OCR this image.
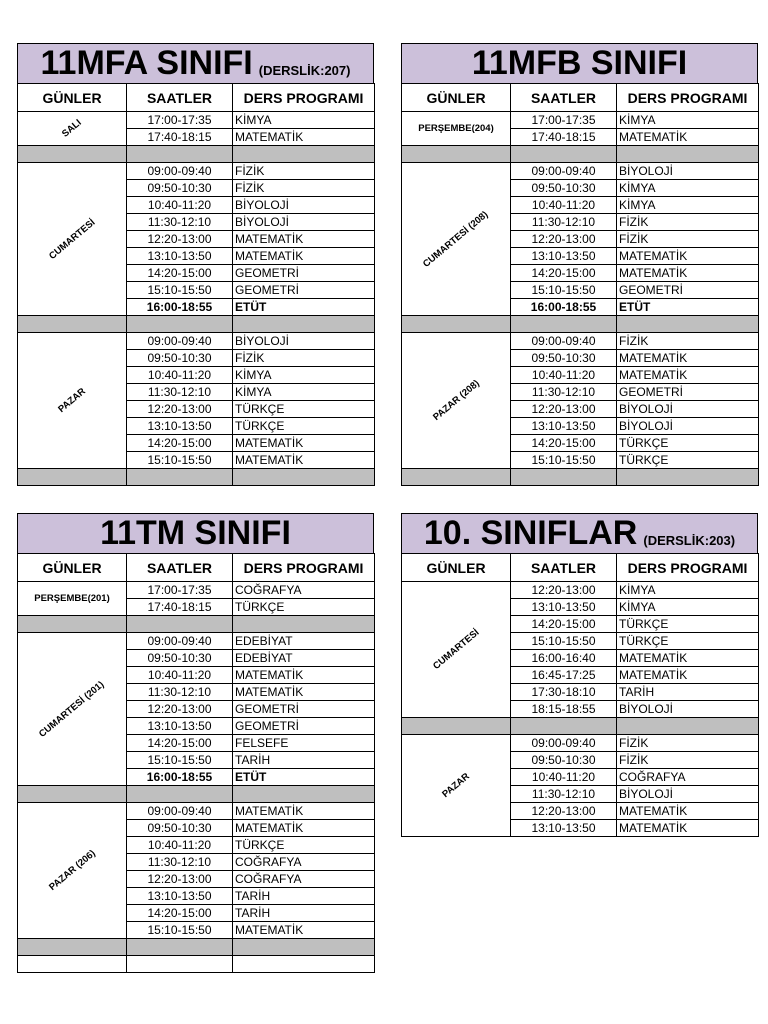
11MFA SINIFI (DERSLİK:207)
GÜNLER	SAATLER	DERS PROGRAMI
SALI	17:00-17:35	KİMYA
	17:40-18:15	MATEMATİK

CUMARTESİ	09:00-09:40	FİZİK
	09:50-10:30	FİZİK
	10:40-11:20	BİYOLOJİ
	11:30-12:10	BİYOLOJİ
	12:20-13:00	MATEMATİK
	13:10-13:50	MATEMATİK
	14:20-15:00	GEOMETRİ
	15:10-15:50	GEOMETRİ
	16:00-18:55	ETÜT

PAZAR	09:00-09:40	BİYOLOJİ
	09:50-10:30	FİZİK
	10:40-11:20	KİMYA
	11:30-12:10	KİMYA
	12:20-13:00	TÜRKÇE
	13:10-13:50	TÜRKÇE
	14:20-15:00	MATEMATİK
	15:10-15:50	MATEMATİK

11MFB SINIFI
GÜNLER	SAATLER	DERS PROGRAMI
PERŞEMBE(204)	17:00-17:35	KİMYA
	17:40-18:15	MATEMATİK

CUMARTESİ (208)	09:00-09:40	BİYOLOJİ
	09:50-10:30	KİMYA
	10:40-11:20	KİMYA
	11:30-12:10	FİZİK
	12:20-13:00	FİZİK
	13:10-13:50	MATEMATİK
	14:20-15:00	MATEMATİK
	15:10-15:50	GEOMETRİ
	16:00-18:55	ETÜT

PAZAR (208)	09:00-09:40	FİZİK
	09:50-10:30	MATEMATİK
	10:40-11:20	MATEMATİK
	11:30-12:10	GEOMETRİ
	12:20-13:00	BİYOLOJİ
	13:10-13:50	BİYOLOJİ
	14:20-15:00	TÜRKÇE
	15:10-15:50	TÜRKÇE

11TM SINIFI
GÜNLER	SAATLER	DERS PROGRAMI
PERŞEMBE(201)	17:00-17:35	COĞRAFYA
	17:40-18:15	TÜRKÇE

CUMARTESİ (201)	09:00-09:40	EDEBİYAT
	09:50-10:30	EDEBİYAT
	10:40-11:20	MATEMATİK
	11:30-12:10	MATEMATİK
	12:20-13:00	GEOMETRİ
	13:10-13:50	GEOMETRİ
	14:20-15:00	FELSEFE
	15:10-15:50	TARİH
	16:00-18:55	ETÜT

PAZAR (206)	09:00-09:40	MATEMATİK
	09:50-10:30	MATEMATİK
	10:40-11:20	TÜRKÇE
	11:30-12:10	COĞRAFYA
	12:20-13:00	COĞRAFYA
	13:10-13:50	TARİH
	14:20-15:00	TARİH
	15:10-15:50	MATEMATİK

10. SINIFLAR (DERSLİK:203)
GÜNLER	SAATLER	DERS PROGRAMI
CUMARTESİ	12:20-13:00	KİMYA
	13:10-13:50	KİMYA
	14:20-15:00	TÜRKÇE
	15:10-15:50	TÜRKÇE
	16:00-16:40	MATEMATİK
	16:45-17:25	MATEMATİK
	17:30-18:10	TARİH
	18:15-18:55	BİYOLOJİ

PAZAR	09:00-09:40	FİZİK
	09:50-10:30	FİZİK
	10:40-11:20	COĞRAFYA
	11:30-12:10	BİYOLOJİ
	12:20-13:00	MATEMATİK
	13:10-13:50	MATEMATİK
